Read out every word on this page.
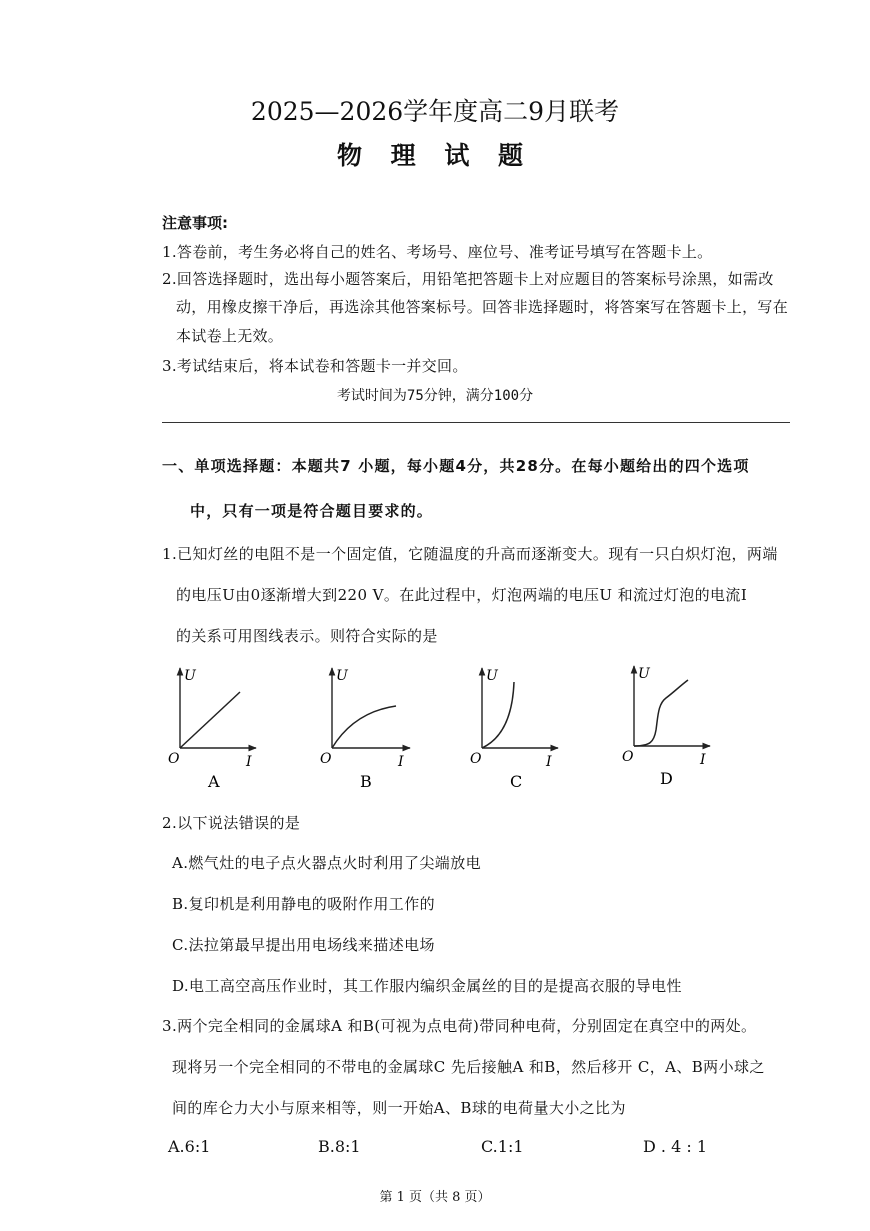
2025—2026学年度高二9月联考
物 理 试 题
注意事项:
1.答卷前，考生务必将自己的姓名、考场号、座位号、准考证号填写在答题卡上。
2.回答选择题时，选出每小题答案后，用铅笔把答题卡上对应题目的答案标号涂黑，如需改
动，用橡皮擦干净后，再选涂其他答案标号。回答非选择题时，将答案写在答题卡上，写在
本试卷上无效。
3.考试结束后，将本试卷和答题卡一并交回。
考试时间为75分钟，满分100分
一、单项选择题：本题共7 小题，每小题4分，共28分。在每小题给出的四个选项
中，只有一项是符合题目要求的。
1.已知灯丝的电阻不是一个固定值，它随温度的升高而逐渐变大。现有一只白炽灯泡，两端
的电压U由0逐渐增大到220 V。在此过程中，灯泡两端的电压U 和流过灯泡的电流I
的关系可用图线表示。则符合实际的是
U
O	I
A
U
O	I
B
U
O	I
C
U
O	I
D
2.以下说法错误的是
A.燃气灶的电子点火器点火时利用了尖端放电
B.复印机是利用静电的吸附作用工作的
C.法拉第最早提出用电场线来描述电场
D.电工高空高压作业时，其工作服内编织金属丝的目的是提高衣服的导电性
3.两个完全相同的金属球A 和B(可视为点电荷)带同种电荷，分别固定在真空中的两处。
现将另一个完全相同的不带电的金属球C 先后接触A 和B，然后移开 C，A、B两小球之
间的库仑力大小与原来相等，则一开始A、B球的电荷量大小之比为
A.6:1	B.8:1	C.1:1	D . 4 : 1
第 1 页（共 8 页）
